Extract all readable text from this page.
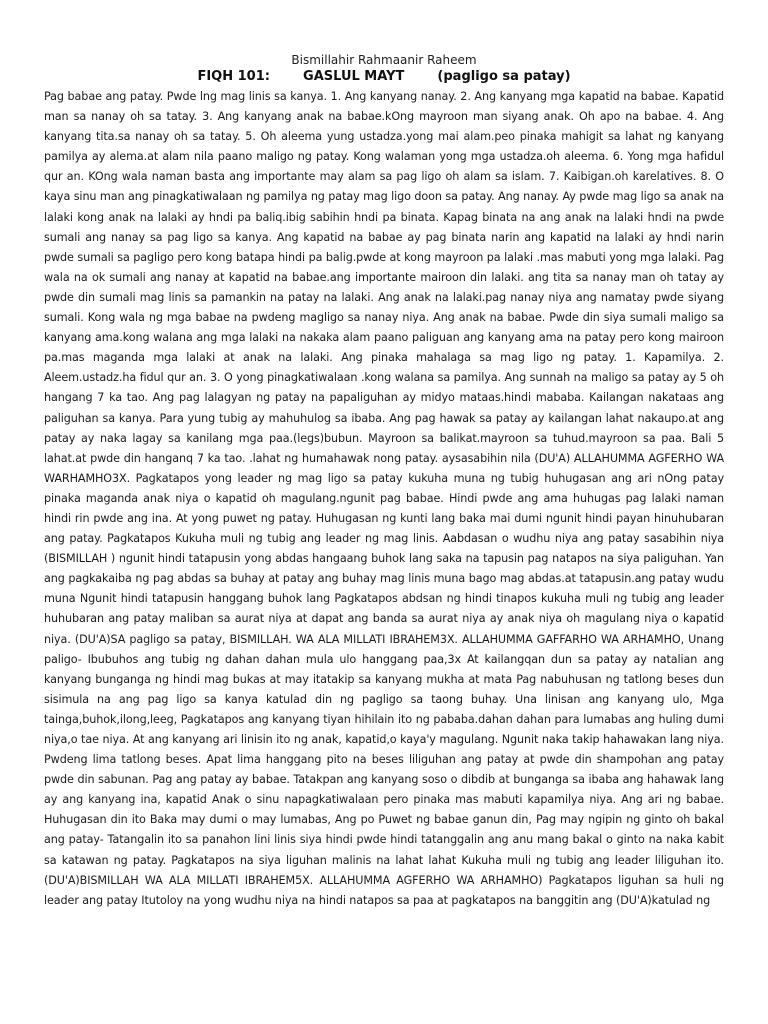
Bismillahir Rahmaanir Raheem

FIQH 101:	GASLUL MAYT	(pagligo sa patay)

Pag babae ang patay. Pwde lng mag linis sa kanya. 1. Ang kanyang nanay. 2. Ang kanyang mga kapatid na babae. Kapatid man sa nanay oh sa tatay. 3. Ang kanyang anak na babae.kOng mayroon man siyang anak. Oh apo na babae. 4. Ang kanyang tita.sa nanay oh sa tatay. 5. Oh aleema yung ustadza.yong mai alam.peo pinaka mahigit sa lahat ng kanyang pamilya ay alema.at alam nila paano maligo ng patay. Kong walaman yong mga ustadza.oh aleema. 6. Yong mga hafidul qur an. KOng wala naman basta ang importante may alam sa pag ligo oh alam sa islam. 7. Kaibigan.oh karelatives. 8. O kaya sinu man ang pinagkatiwalaan ng pamilya ng patay mag ligo doon sa patay. Ang nanay. Ay pwde mag ligo sa anak na lalaki kong anak na lalaki ay hndi pa baliq.ibig sabihin hndi pa binata. Kapag binata na ang anak na lalaki hndi na pwde sumali ang nanay sa pag ligo sa kanya. Ang kapatid na babae ay pag binata narin ang kapatid na lalaki ay hndi narin pwde sumali sa pagligo pero kong batapa hindi pa balig.pwde at kong mayroon pa lalaki .mas mabuti yong mga lalaki. Pag wala na ok sumali ang nanay at kapatid na babae.ang importante mairoon din lalaki. ang tita sa nanay man oh tatay ay pwde din sumali mag linis sa pamankin na patay na lalaki. Ang anak na lalaki.pag nanay niya ang namatay pwde siyang sumali. Kong wala ng mga babae na pwdeng magligo sa nanay niya. Ang anak na babae. Pwde din siya sumali maligo sa kanyang ama.kong walana ang mga lalaki na nakaka alam paano paliguan ang kanyang ama na patay pero kong mairoon pa.mas maganda mga lalaki at anak na lalaki. Ang pinaka mahalaga sa mag ligo ng patay. 1. Kapamilya. 2. Aleem.ustadz.ha fidul qur an. 3. O yong pinagkatiwalaan .kong walana sa pamilya. Ang sunnah na maligo sa patay ay 5 oh hangang 7 ka tao. Ang pag lalagyan ng patay na papaliguhan ay midyo mataas.hindi mababa. Kailangan nakataas ang paliguhan sa kanya. Para yung tubig ay mahuhulog sa ibaba. Ang pag hawak sa patay ay kailangan lahat nakaupo.at ang patay ay naka lagay sa kanilang mga paa.(legs)bubun. Mayroon sa balikat.mayroon sa tuhud.mayroon sa paa. Bali 5 lahat.at pwde din hanganq 7 ka tao. .lahat ng humahawak nong patay. aysasabihin nila (DU'A) ALLAHUMMA AGFERHO WA WARHAMHO3X. Pagkatapos yong leader ng mag ligo sa patay kukuha muna ng tubig huhugasan ang ari nOng patay pinaka maganda anak niya o kapatid oh magulang.ngunit pag babae. Hindi pwde ang ama huhugas pag lalaki naman hindi rin pwde ang ina. At yong puwet ng patay. Huhugasan ng kunti lang baka mai dumi ngunit hindi payan hinuhubaran ang patay. Pagkatapos Kukuha muli ng tubig ang leader ng mag linis. Aabdasan o wudhu niya ang patay sasabihin niya (BISMILLAH ) ngunit hindi tatapusin yong abdas hangaang buhok lang saka na tapusin pag natapos na siya paliguhan. Yan ang pagkakaiba ng pag abdas sa buhay at patay ang buhay mag linis muna bago mag abdas.at tatapusin.ang patay wudu muna Ngunit hindi tatapusin hanggang buhok lang Pagkatapos abdsan ng hindi tinapos kukuha muli ng tubig ang leader huhubaran ang patay maliban sa aurat niya at dapat ang banda sa aurat niya ay anak niya oh magulang niya o kapatid niya. (DU'A)SA pagligo sa patay, BISMILLAH. WA ALA MILLATI IBRAHEM3X. ALLAHUMMA GAFFARHO WA ARHAMHO, Unang paligo- Ibubuhos ang tubig ng dahan dahan mula ulo hanggang paa,3x At kailangqan dun sa patay ay natalian ang kanyang bunganga ng hindi mag bukas at may itatakip sa kanyang mukha at mata Pag nabuhusan ng tatlong beses dun sisimula na ang pag ligo sa kanya katulad din ng pagligo sa taong buhay. Una linisan ang kanyang ulo, Mga tainga,buhok,ilong,leeg, Pagkatapos ang kanyang tiyan hihilain ito ng pababa.dahan dahan para lumabas ang huling dumi niya,o tae niya. At ang kanyang ari linisin ito ng anak, kapatid,o kaya'y magulang. Ngunit naka takip hahawakan lang niya. Pwdeng lima tatlong beses. Apat lima hanggang pito na beses liliguhan ang patay at pwde din shampohan ang patay pwde din sabunan. Pag ang patay ay babae. Tatakpan ang kanyang soso o dibdib at bunganga sa ibaba ang hahawak lang ay ang kanyang ina, kapatid Anak o sinu napagkatiwalaan pero pinaka mas mabuti kapamilya niya. Ang ari ng babae. Huhugasan din ito Baka may dumi o may lumabas, Ang po Puwet ng babae ganun din, Pag may ngipin ng ginto oh bakal ang patay- Tatangalin ito sa panahon lini linis siya hindi pwde hindi tatanggalin ang anu mang bakal o ginto na naka kabit sa katawan ng patay. Pagkatapos na siya liguhan malinis na lahat lahat Kukuha muli ng tubig ang leader liliguhan ito. (DU'A)BISMILLAH WA ALA MILLATI IBRAHEM5X. ALLAHUMMA AGFERHO WA ARHAMHO) Pagkatapos liguhan sa huli ng leader ang patay Itutoloy na yong wudhu niya na hindi natapos sa paa at pagkatapos na banggitin ang (DU'A)katulad ng
